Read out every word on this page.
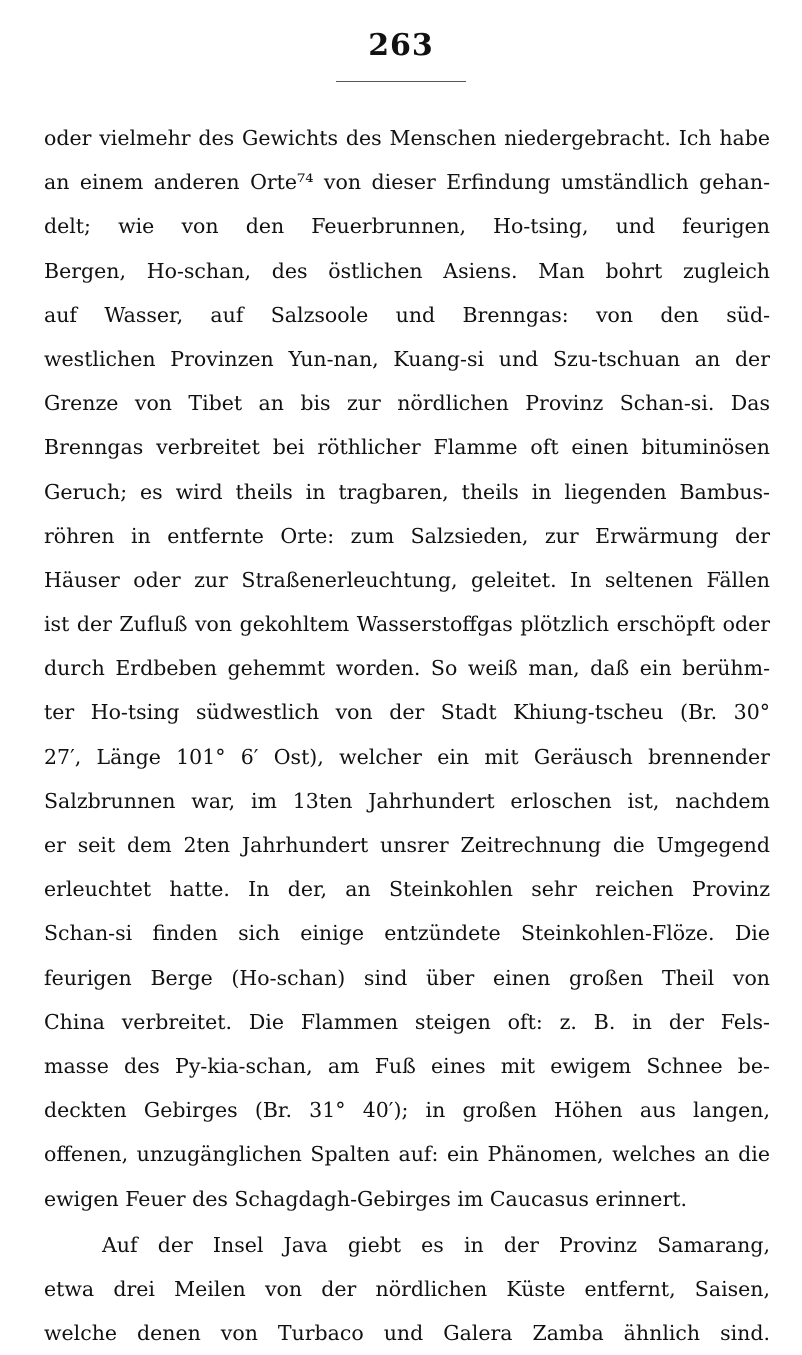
263
oder vielmehr des Gewichts des Menschen niedergebracht. Ich habe
an einem anderen Orte⁷⁴ von dieser Erfindung umständlich gehan-
delt; wie von den Feuerbrunnen, Ho-tsing, und feurigen
Bergen, Ho-schan, des östlichen Asiens. Man bohrt zugleich
auf Wasser, auf Salzsoole und Brenngas: von den süd-
westlichen Provinzen Yun-nan, Kuang-si und Szu-tschuan an der
Grenze von Tibet an bis zur nördlichen Provinz Schan-si. Das
Brenngas verbreitet bei röthlicher Flamme oft einen bituminösen
Geruch; es wird theils in tragbaren, theils in liegenden Bambus-
röhren in entfernte Orte: zum Salzsieden, zur Erwärmung der
Häuser oder zur Straßenerleuchtung, geleitet. In seltenen Fällen
ist der Zufluß von gekohltem Wasserstoffgas plötzlich erschöpft oder
durch Erdbeben gehemmt worden. So weiß man, daß ein berühm-
ter Ho-tsing südwestlich von der Stadt Khiung-tscheu (Br. 30°
27′, Länge 101° 6′ Ost), welcher ein mit Geräusch brennender
Salzbrunnen war, im 13ten Jahrhundert erloschen ist, nachdem
er seit dem 2ten Jahrhundert unsrer Zeitrechnung die Umgegend
erleuchtet hatte. In der, an Steinkohlen sehr reichen Provinz
Schan-si finden sich einige entzündete Steinkohlen-Flöze. Die
feurigen Berge (Ho-schan) sind über einen großen Theil von
China verbreitet. Die Flammen steigen oft: z. B. in der Fels-
masse des Py-kia-schan, am Fuß eines mit ewigem Schnee be-
deckten Gebirges (Br. 31° 40′); in großen Höhen aus langen,
offenen, unzugänglichen Spalten auf: ein Phänomen, welches an die
ewigen Feuer des Schagdagh-Gebirges im Caucasus erinnert.
Auf der Insel Java giebt es in der Provinz Samarang,
etwa drei Meilen von der nördlichen Küste entfernt, Saisen,
welche denen von Turbaco und Galera Zamba ähnlich sind.
